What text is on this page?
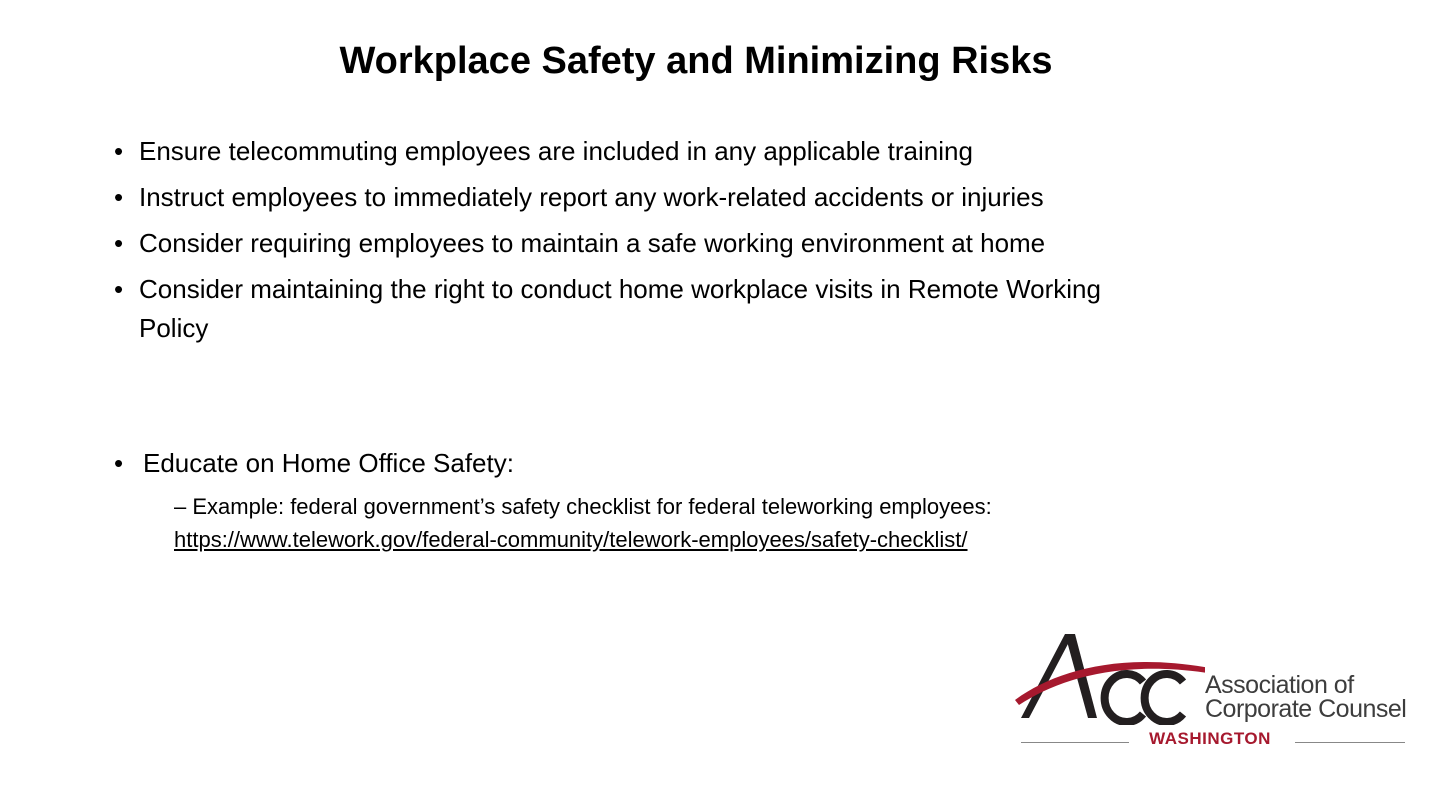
Workplace Safety and Minimizing Risks
• Ensure telecommuting employees are included in any applicable training
• Instruct employees to immediately report any work-related accidents or injuries
• Consider requiring employees to maintain a safe working environment at home
• Consider maintaining the right to conduct home workplace visits in Remote Working Policy
• Educate on Home Office Safety:
– Example: federal government’s safety checklist for federal teleworking employees:
https://www.telework.gov/federal-community/telework-employees/safety-checklist/
Association of
Corporate Counsel
WASHINGTON
